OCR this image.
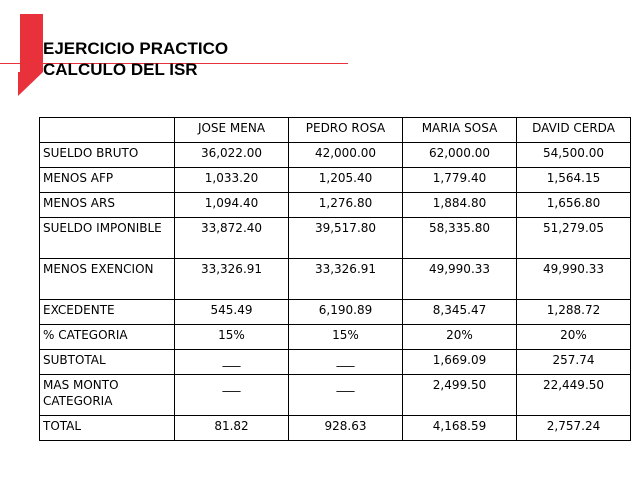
EJERCICIO PRACTICO
CALCULO DEL ISR
	JOSE MENA	PEDRO ROSA	MARIA SOSA	DAVID CERDA
SUELDO BRUTO	36,022.00	42,000.00	62,000.00	54,500.00
MENOS AFP	1,033.20	1,205.40	1,779.40	1,564.15
MENOS ARS	1,094.40	1,276.80	1,884.80	1,656.80
SUELDO IMPONIBLE	33,872.40	39,517.80	58,335.80	51,279.05
MENOS EXENCION	33,326.91	33,326.91	49,990.33	49,990.33
EXCEDENTE	545.49	6,190.89	8,345.47	1,288.72
% CATEGORIA	15%	15%	20%	20%
SUBTOTAL	___	___	1,669.09	257.74
MAS MONTO CATEGORIA	___	___	2,499.50	22,449.50
TOTAL	81.82	928.63	4,168.59	2,757.24
